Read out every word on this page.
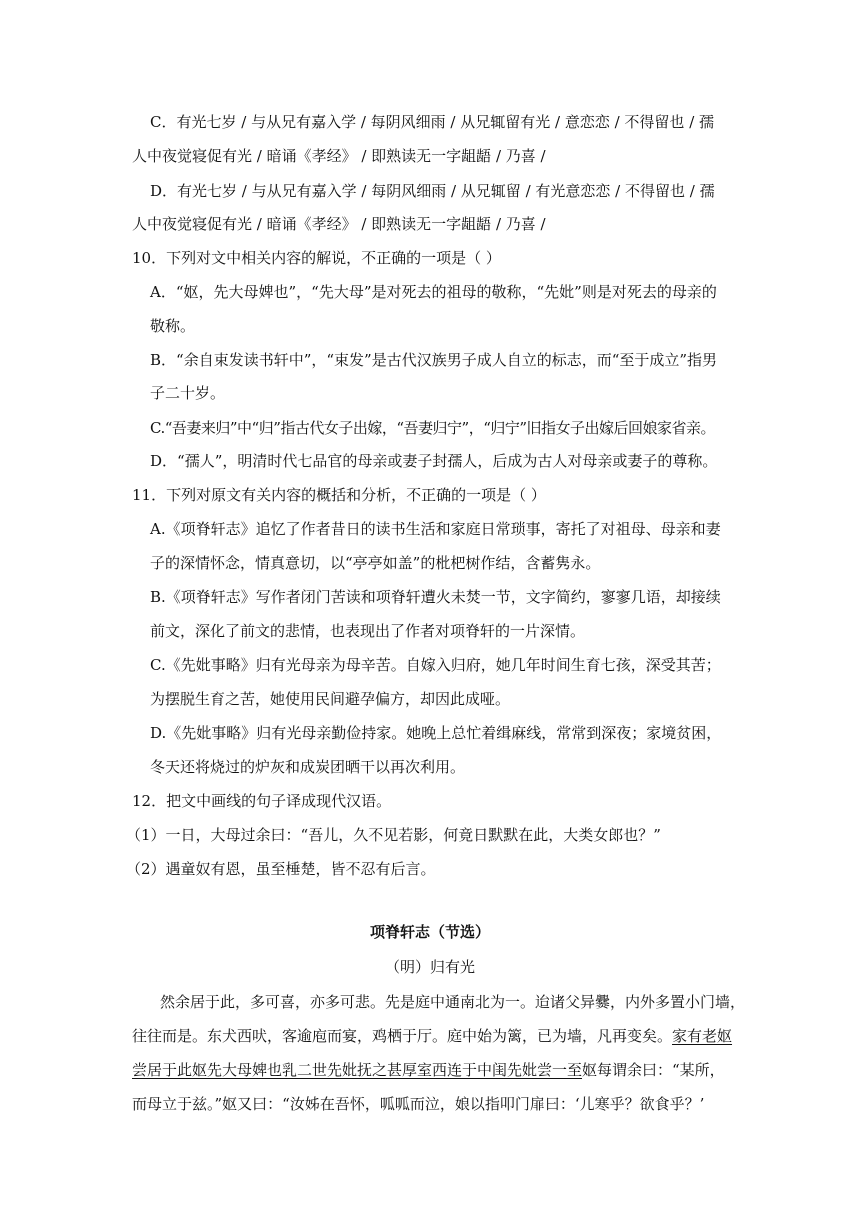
C．有光七岁 / 与从兄有嘉入学 / 每阴风细雨 / 从兄辄留有光 / 意恋恋 / 不得留也 / 孺
人中夜觉寝促有光 / 暗诵《孝经》 / 即熟读无一字龃龉 / 乃喜 /
D．有光七岁 / 与从兄有嘉入学 / 每阴风细雨 / 从兄辄留 / 有光意恋恋 / 不得留也 / 孺
人中夜觉寝促有光 / 暗诵《孝经》 / 即熟读无一字龃龉 / 乃喜 /
10．下列对文中相关内容的解说，不正确的一项是（ ）
A．“妪，先大母婢也”，“先大母”是对死去的祖母的敬称，“先妣”则是对死去的母亲的
敬称。
B．“余自束发读书轩中”，“束发”是古代汉族男子成人自立的标志，而“至于成立”指男
子二十岁。
C.“吾妻来归”中“归”指古代女子出嫁，“吾妻归宁”，“归宁”旧指女子出嫁后回娘家省亲。
D．“孺人”，明清时代七品官的母亲或妻子封孺人，后成为古人对母亲或妻子的尊称。
11．下列对原文有关内容的概括和分析，不正确的一项是（ ）
A.《项脊轩志》追忆了作者昔日的读书生活和家庭日常琐事，寄托了对祖母、母亲和妻
子的深情怀念，情真意切，以“亭亭如盖”的枇杷树作结，含蓄隽永。
B.《项脊轩志》写作者闭门苦读和项脊轩遭火未焚一节，文字简约，寥寥几语，却接续
前文，深化了前文的悲情，也表现出了作者对项脊轩的一片深情。
C.《先妣事略》归有光母亲为母辛苦。自嫁入归府，她几年时间生育七孩，深受其苦；
为摆脱生育之苦，她使用民间避孕偏方，却因此成哑。
D.《先妣事略》归有光母亲勤俭持家。她晚上总忙着缉麻线，常常到深夜；家境贫困，
冬天还将烧过的炉灰和成炭团晒干以再次利用。
12．把文中画线的句子译成现代汉语。
（1）一日，大母过余曰：“吾儿，久不见若影，何竟日默默在此，大类女郎也？”
（2）遇童奴有恩，虽至棰楚，皆不忍有后言。
项脊轩志（节选）
（明）归有光
然余居于此，多可喜，亦多可悲。先是庭中通南北为一。迨诸父异爨，内外多置小门墙，
往往而是。东犬西吠，客逾庖而宴，鸡栖于厅。庭中始为篱，已为墙，凡再变矣。家有老妪
尝居于此妪先大母婢也乳二世先妣抚之甚厚室西连于中闺先妣尝一至妪每谓余曰：“某所，
而母立于兹。”妪又曰：“汝姊在吾怀，呱呱而泣，娘以指叩门扉曰：‘儿寒乎？欲食乎？’
